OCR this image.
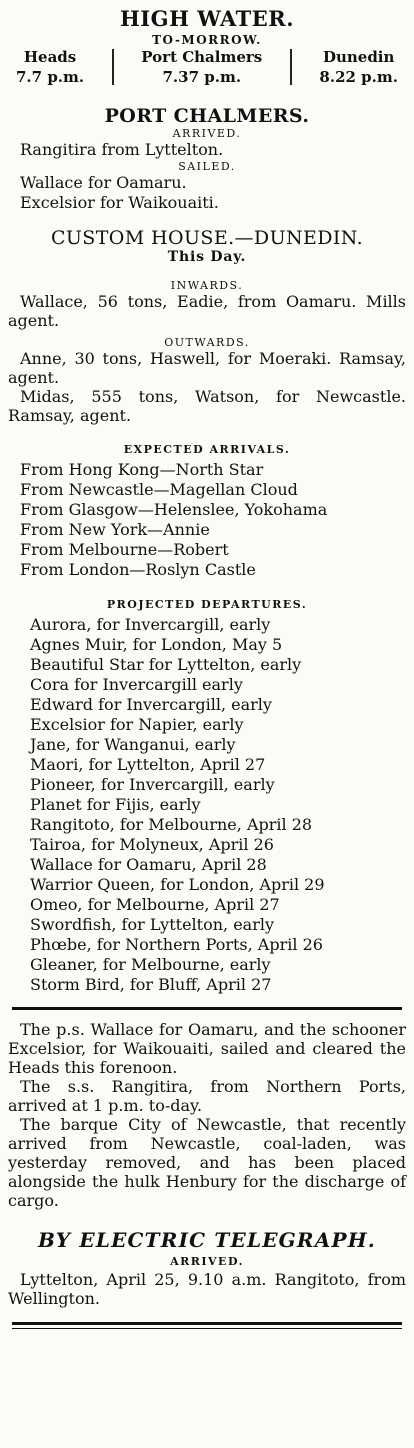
HIGH WATER.
TO-MORROW.
Heads
7.7 p.m.
Port Chalmers
7.37 p.m.
Dunedin
8.22 p.m.
PORT CHALMERS.
ARRIVED.
Rangitira from Lyttelton.
SAILED.
Wallace for Oamaru.
Excelsior for Waikouaiti.
CUSTOM HOUSE.—DUNEDIN.
This Day.
INWARDS.
Wallace, 56 tons, Eadie, from Oamaru. Mills agent.
OUTWARDS.
Anne, 30 tons, Haswell, for Moeraki. Ramsay, agent.
Midas, 555 tons, Watson, for Newcastle. Ramsay, agent.
EXPECTED ARRIVALS.
From Hong Kong—North Star
From Newcastle—Magellan Cloud
From Glasgow—Helenslee, Yokohama
From New York—Annie
From Melbourne—Robert
From London—Roslyn Castle
PROJECTED DEPARTURES.
Aurora, for Invercargill, early
Agnes Muir, for London, May 5
Beautiful Star for Lyttelton, early
Cora for Invercargill early
Edward for Invercargill, early
Excelsior for Napier, early
Jane, for Wanganui, early
Maori, for Lyttelton, April 27
Pioneer, for Invercargill, early
Planet for Fijis, early
Rangitoto, for Melbourne, April 28
Tairoa, for Molyneux, April 26
Wallace for Oamaru, April 28
Warrior Queen, for London, April 29
Omeo, for Melbourne, April 27
Swordfish, for Lyttelton, early
Phœbe, for Northern Ports, April 26
Gleaner, for Melbourne, early
Storm Bird, for Bluff, April 27
The p.s. Wallace for Oamaru, and the schooner Excelsior, for Waikouaiti, sailed and cleared the Heads this forenoon.
The s.s. Rangitira, from Northern Ports, arrived at 1 p.m. to-day.
The barque City of Newcastle, that recently arrived from Newcastle, coal-laden, was yesterday removed, and has been placed alongside the hulk Henbury for the discharge of cargo.
BY ELECTRIC TELEGRAPH.
ARRIVED.
Lyttelton, April 25, 9.10 a.m. Rangitoto, from Wellington.
